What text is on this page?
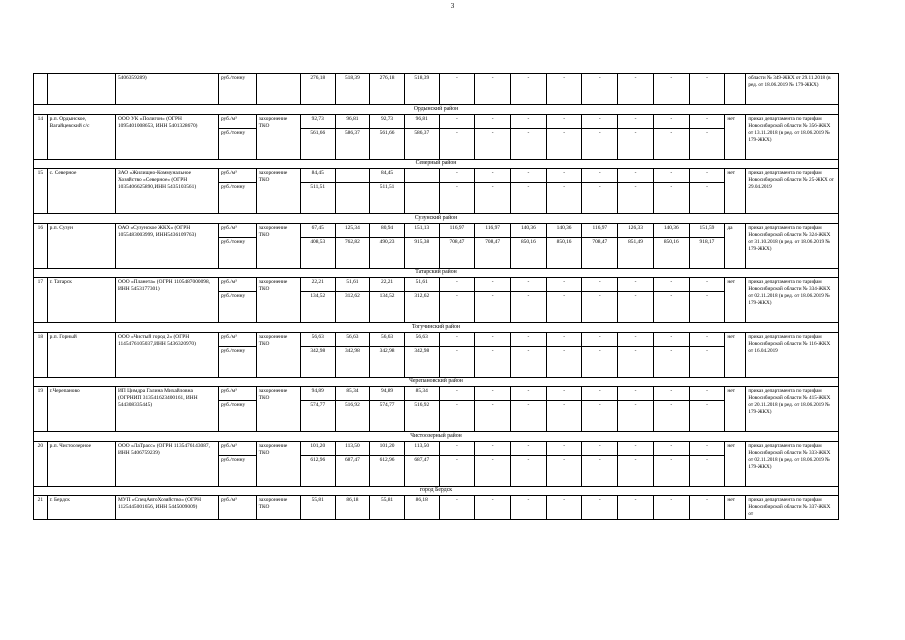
3
		5406359289)	руб./тонну		276,18	518,39	276,18	518,39	-	-	-	-	-	-	-	-		области № 349-ЖКХ от 29.11.2018 (в ред. от 18.06.2019 № 179-ЖКХ)
Ордынский район																		
14	р.п. Ордынское, Вагайцевский с/с	ООО УК «Полигон» (ОГРН 1095401008653, ИНН 5401328670)	руб./м³	захоронение ТКО	92,73	96,81	92,73	96,81	-	-	-	-	-	-	-	-	нет	приказ департамента по тарифам Новосибирской области № 356-ЖКХ от 13.11.2018 (в ред. от 18.06.2019 № 179-ЖКХ)
			руб./тонну		561,66	586,37	561,66	586,37	-	-	-	-	-	-	-	-		
Северный район																		
15	с. Северное	ЗАО «Жилищно-Коммунальное Хозяйство «Северное» (ОГРН 1035406625890,ИНН 5435103561)	руб./м³	захоронение ТКО	84,45		84,45		-	-	-	-	-	-	-	-	нет	приказ департамента по тарифам Новосибирской области № 25-ЖКХ от 29.04.2019
			руб./тонну		511,51		511,51		-	-	-	-	-	-	-	-		
Сузунский район																		
16	р.п. Сузун	ОАО «Сузунское ЖКХ» (ОГРН 1055483003999, ИНН5436109763)	руб./м³	захоронение ТКО	67,45	125,34	80,94	151,13	116,97	116,97	140,36	140,36	116,97	126,33	140,36	151,59	да	приказ департамента по тарифам Новосибирской области № 324-ЖКХ от 31.10.2018 (в ред. от 18.06.2019 № 179-ЖКХ)
			руб./тонну		408,53	762,82	490,23	915,38	708,47	708,47	850,16	850,16	708,47	851,49	850,16	918,17		
Татарский район																		
17	г. Татарск	ООО «Планета» (ОГРН 1105487000098, ИНН 5453177301)	руб./м³	захоронение ТКО	22,21	51,61	22,21	51,61	-	-	-	-	-	-	-	-	нет	приказ департамента по тарифам Новосибирской области № 334-ЖКХ от 02.11.2018 (в ред. от 18.06.2019 № 179-ЖКХ)
			руб./тонну		134,52	312,62	134,52	312,62	-	-	-	-	-	-	-	-		
Тогучинский район																		
18	р.п. Горный	ООО «Чистый город 2» (ОГРН 1145476105037,ИНН 5436320970)	руб./м³	захоронение ТКО	56,63	56,63	56,63	56,63	-	-	-	-	-	-	-	-	нет	приказ департамента по тарифам Новосибирской области № 116-ЖКХ от 16.04.2019
			руб./тонну		342,98	342,98	342,98	342,98	-	-	-	-	-	-	-	-		
Черепановский район																		
19	г.Черепаново	ИП Цимдра Галина Михайловна (ОГРНИП 313541623400161, ИНН 544308335445)	руб./м³	захоронение ТКО	94,89	85,34	94,89	85,34	-	-	-	-	-	-	-	-	нет	приказ департамента по тарифам Новосибирской области № 415-ЖКХ от 20.11.2018 (в ред. от 18.06.2019 № 179-ЖКХ)
			руб./тонну		574,77	516,92	574,77	516,92	-	-	-	-	-	-	-	-		
Чистоозерный район																		
20	р.п. Чистоозерное	ООО «ЛаТрасс» (ОГРН 1135476143087, ИНН 5406759239)	руб./м³	захоронение ТКО	101,20	113,50	101,20	113,50	-	-	-	-	-	-	-	-	нет	приказ департамента по тарифам Новосибирской области № 333-ЖКХ от 02.11.2018 (в ред. от 18.06.2019 № 179-ЖКХ)
			руб./тонну		612,96	687,47	612,96	687,47	-	-	-	-	-	-	-	-		
город Бердск																		
21	г. Бердск	МУП «СпецАвтоХозяйство» (ОГРН 1125445001656, ИНН 5445009009)	руб./м³	захоронение ТКО	55,81	86,18	55,81	86,18	-	-	-	-	-	-	-	-	нет	приказ департамента по тарифам Новосибирской области № 337-ЖКХ от
